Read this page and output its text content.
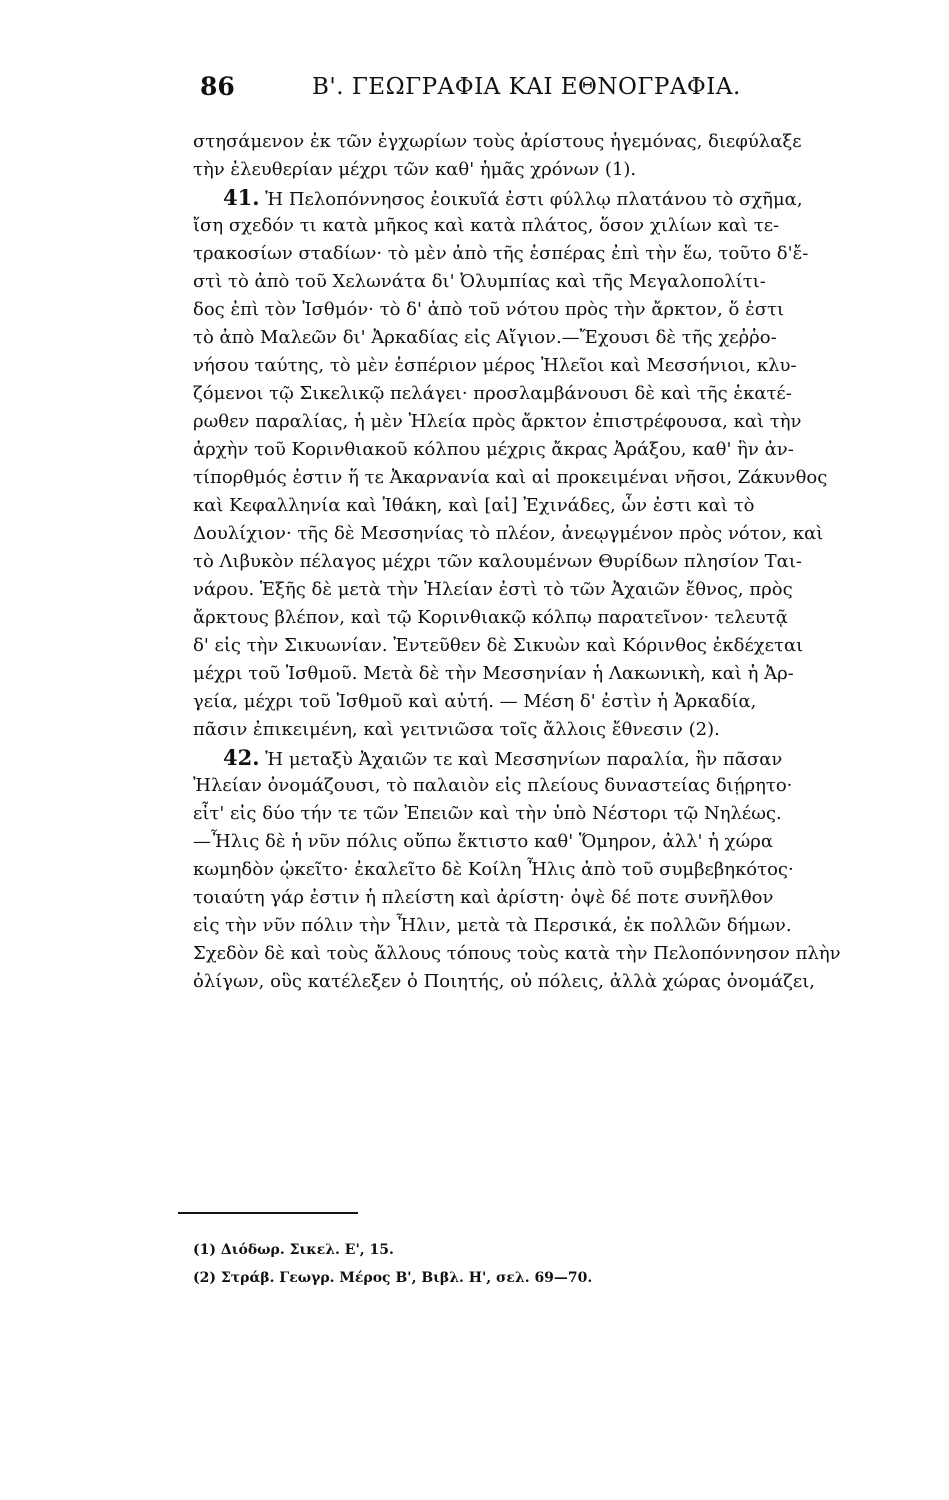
86	Β'. ΓΕΩΓΡΑΦΙΑ ΚΑΙ ΕΘΝΟΓΡΑΦΙΑ.
στησάμενον ἐκ τῶν ἐγχωρίων τοὺς ἀρίστους ἡγεμόνας, διεφύλαξε
τὴν ἐλευθερίαν μέχρι τῶν καθ' ἡμᾶς χρόνων (1).
41. Ἡ Πελοπόννησος ἐοικυῖά ἐστι φύλλῳ πλατάνου τὸ σχῆμα,
ἴση σχεδόν τι κατὰ μῆκος καὶ κατὰ πλάτος, ὅσον χιλίων καὶ τε-
τρακοσίων σταδίων· τὸ μὲν ἀπὸ τῆς ἑσπέρας ἐπὶ τὴν ἕω, τοῦτο δ'ἔ-
στὶ τὸ ἀπὸ τοῦ Χελωνάτα δι' Ὀλυμπίας καὶ τῆς Μεγαλοπολίτι-
δος ἐπὶ τὸν Ἰσθμόν· τὸ δ' ἀπὸ τοῦ νότου πρὸς τὴν ἄρκτον, ὅ ἐστι
τὸ ἀπὸ Μαλεῶν δι' Ἀρκαδίας εἰς Αἴγιον.—Ἔχουσι δὲ τῆς χεῤῥο-
νήσου ταύτης, τὸ μὲν ἑσπέριον μέρος Ἠλεῖοι καὶ Μεσσήνιοι, κλυ-
ζόμενοι τῷ Σικελικῷ πελάγει· προσλαμβάνουσι δὲ καὶ τῆς ἑκατέ-
ρωθεν παραλίας, ἡ μὲν Ἠλεία πρὸς ἄρκτον ἐπιστρέφουσα, καὶ τὴν
ἀρχὴν τοῦ Κορινθιακοῦ κόλπου μέχρις ἄκρας Ἀράξου, καθ' ἣν ἀν-
τίπορθμός ἐστιν ἥ τε Ἀκαρνανία καὶ αἱ προκειμέναι νῆσοι, Ζάκυνθος
καὶ Κεφαλληνία καὶ Ἰθάκη, καὶ [αἱ] Ἐχινάδες, ὧν ἐστι καὶ τὸ
Δουλίχιον· τῆς δὲ Μεσσηνίας τὸ πλέον, ἀνεῳγμένον πρὸς νότον, καὶ
τὸ Λιβυκὸν πέλαγος μέχρι τῶν καλουμένων Θυρίδων πλησίον Ται-
νάρου. Ἑξῆς δὲ μετὰ τὴν Ἠλείαν ἐστὶ τὸ τῶν Ἀχαιῶν ἔθνος, πρὸς
ἄρκτους βλέπον, καὶ τῷ Κορινθιακῷ κόλπῳ παρατεῖνον· τελευτᾷ
δ' εἰς τὴν Σικυωνίαν. Ἐντεῦθεν δὲ Σικυὼν καὶ Κόρινθος ἐκδέχεται
μέχρι τοῦ Ἰσθμοῦ. Μετὰ δὲ τὴν Μεσσηνίαν ἡ Λακωνικὴ, καὶ ἡ Ἀρ-
γεία, μέχρι τοῦ Ἰσθμοῦ καὶ αὐτή. — Μέση δ' ἐστὶν ἡ Ἀρκαδία,
πᾶσιν ἐπικειμένη, καὶ γειτνιῶσα τοῖς ἄλλοις ἔθνεσιν (2).
42. Ἡ μεταξὺ Ἀχαιῶν τε καὶ Μεσσηνίων παραλία, ἣν πᾶσαν
Ἠλείαν ὀνομάζουσι, τὸ παλαιὸν εἰς πλείους δυναστείας διῄρητο·
εἶτ' εἰς δύο τήν τε τῶν Ἐπειῶν καὶ τὴν ὑπὸ Νέστορι τῷ Νηλέως.
—Ἦλις δὲ ἡ νῦν πόλις οὔπω ἔκτιστο καθ' Ὅμηρον, ἀλλ' ἡ χώρα
κωμηδὸν ᾠκεῖτο· ἐκαλεῖτο δὲ Κοίλη Ἦλις ἀπὸ τοῦ συμβεβηκότος·
τοιαύτη γάρ ἐστιν ἡ πλείστη καὶ ἀρίστη· ὀψὲ δέ ποτε συνῆλθον
εἰς τὴν νῦν πόλιν τὴν Ἦλιν, μετὰ τὰ Περσικά, ἐκ πολλῶν δήμων.
Σχεδὸν δὲ καὶ τοὺς ἄλλους τόπους τοὺς κατὰ τὴν Πελοπόννησον πλὴν
ὀλίγων, οὓς κατέλεξεν ὁ Ποιητής, οὐ πόλεις, ἀλλὰ χώρας ὀνομάζει,
(1) Διόδωρ. Σικελ. Ε', 15.
(2) Στράβ. Γεωγρ. Μέρος Β', Βιβλ. Η', σελ. 69—70.
